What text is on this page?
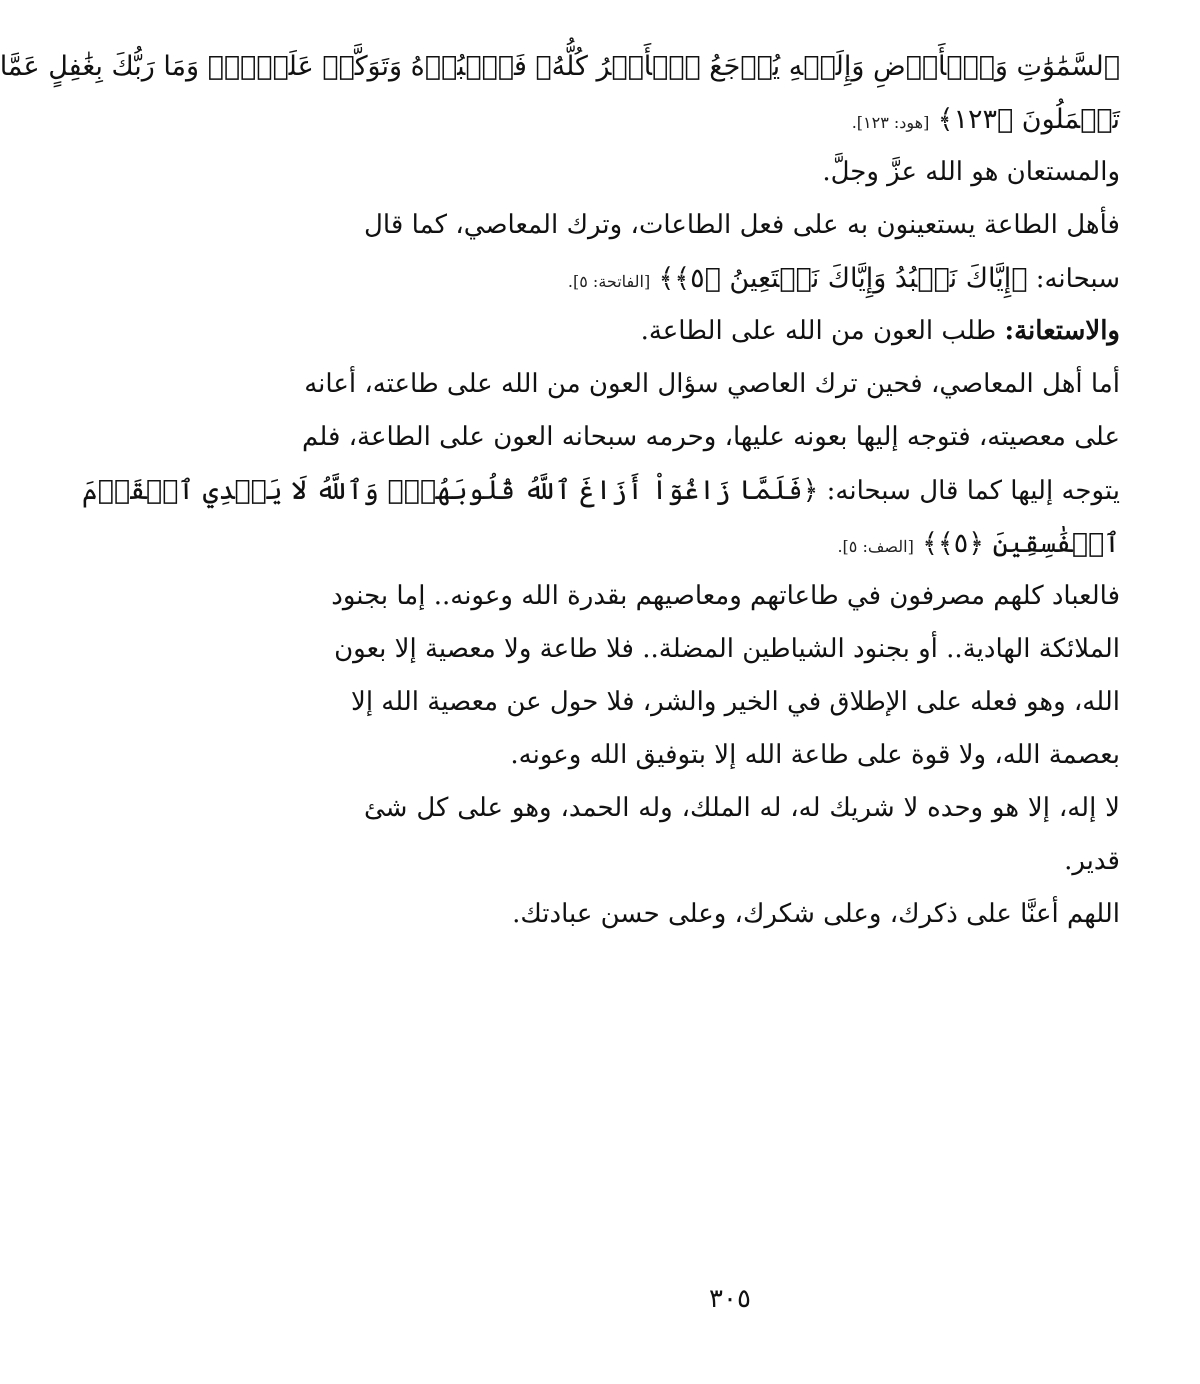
ٱلسَّمَٰوَٰتِ وَٱلۡأَرۡضِ وَإِلَيۡهِ يُرۡجَعُ ٱلۡأَمۡرُ كُلُّهُۥ فَٱعۡبُدۡهُ وَتَوَكَّلۡ عَلَيۡهِۚ وَمَا رَبُّكَ بِغَٰفِلٍ عَمَّا
تَعۡمَلُونَ ﴿١٢٣﴾ [هود: ١٢٣].
والمستعان هو الله عزَّ وجلَّ.
فأهل الطاعة يستعينون به على فعل الطاعات، وترك المعاصي، كما قال
سبحانه: ﴿إِيَّاكَ نَعۡبُدُ وَإِيَّاكَ نَسۡتَعِينُ ﴿٥﴾﴾ [الفاتحة: ٥].
والاستعانة: طلب العون من الله على الطاعة.
أما أهل المعاصي، فحين ترك العاصي سؤال العون من الله على طاعته، أعانه
على معصيته، فتوجه إليها بعونه عليها، وحرمه سبحانه العون على الطاعة، فلم
يتوجه إليها كما قال سبحانه: ﴿فَلَمَّا زَاغُوٓاْ أَزَاغَ ٱللَّهُ قُلُوبَهُمۡۚ وَٱللَّهُ لَا يَهۡدِي ٱلۡقَوۡمَ
ٱلۡفَٰسِقِينَ ﴿٥﴾﴾ [الصف: ٥].
فالعباد كلهم مصرفون في طاعاتهم ومعاصيهم بقدرة الله وعونه.. إما بجنود
الملائكة الهادية.. أو بجنود الشياطين المضلة.. فلا طاعة ولا معصية إلا بعون
الله، وهو فعله على الإطلاق في الخير والشر، فلا حول عن معصية الله إلا
بعصمة الله، ولا قوة على طاعة الله إلا بتوفيق الله وعونه.
لا إله، إلا هو وحده لا شريك له، له الملك، وله الحمد، وهو على كل شئ
قدير.
اللهم أعنَّا على ذكرك، وعلى شكرك، وعلى حسن عبادتك.
٣٠٥
